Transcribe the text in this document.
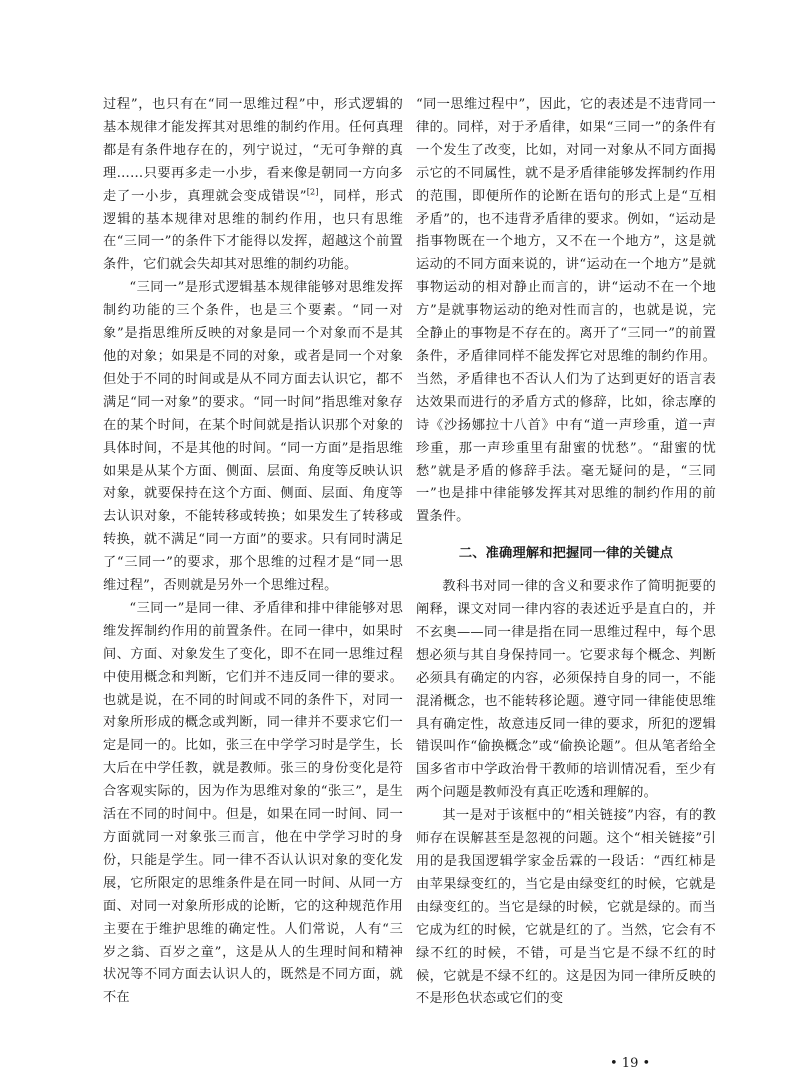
过程”，也只有在“同一思维过程”中，形式逻辑的基本规律才能发挥其对思维的制约作用。任何真理都是有条件地存在的，列宁说过，“无可争辩的真理……只要再多走一小步，看来像是朝同一方向多走了一小步，真理就会变成错误”[2]，同样，形式逻辑的基本规律对思维的制约作用，也只有思维在“三同一”的条件下才能得以发挥，超越这个前置条件，它们就会失却其对思维的制约功能。

“三同一”是形式逻辑基本规律能够对思维发挥制约功能的三个条件，也是三个要素。“同一对象”是指思维所反映的对象是同一个对象而不是其他的对象；如果是不同的对象，或者是同一个对象但处于不同的时间或是从不同方面去认识它，都不满足“同一对象”的要求。“同一时间”指思维对象存在的某个时间，在某个时间就是指认识那个对象的具体时间，不是其他的时间。“同一方面”是指思维如果是从某个方面、侧面、层面、角度等反映认识对象，就要保持在这个方面、侧面、层面、角度等去认识对象，不能转移或转换；如果发生了转移或转换，就不满足“同一方面”的要求。只有同时满足了“三同一”的要求，那个思维的过程才是“同一思维过程”，否则就是另外一个思维过程。

“三同一”是同一律、矛盾律和排中律能够对思维发挥制约作用的前置条件。在同一律中，如果时间、方面、对象发生了变化，即不在同一思维过程中使用概念和判断，它们并不违反同一律的要求。也就是说，在不同的时间或不同的条件下，对同一对象所形成的概念或判断，同一律并不要求它们一定是同一的。比如，张三在中学学习时是学生，长大后在中学任教，就是教师。张三的身份变化是符合客观实际的，因为作为思维对象的“张三”，是生活在不同的时间中。但是，如果在同一时间、同一方面就同一对象张三而言，他在中学学习时的身份，只能是学生。同一律不否认认识对象的变化发展，它所限定的思维条件是在同一时间、从同一方面、对同一对象所形成的论断，它的这种规范作用主要在于维护思维的确定性。人们常说，人有“三岁之翁、百岁之童”，这是从人的生理时间和精神状况等不同方面去认识人的，既然是不同方面，就不在

“同一思维过程中”，因此，它的表述是不违背同一律的。同样，对于矛盾律，如果“三同一”的条件有一个发生了改变，比如，对同一对象从不同方面揭示它的不同属性，就不是矛盾律能够发挥制约作用的范围，即便所作的论断在语句的形式上是“互相矛盾”的，也不违背矛盾律的要求。例如，“运动是指事物既在一个地方，又不在一个地方”，这是就运动的不同方面来说的，讲“运动在一个地方”是就事物运动的相对静止而言的，讲“运动不在一个地方”是就事物运动的绝对性而言的，也就是说，完全静止的事物是不存在的。离开了“三同一”的前置条件，矛盾律同样不能发挥它对思维的制约作用。当然，矛盾律也不否认人们为了达到更好的语言表达效果而进行的矛盾方式的修辞，比如，徐志摩的诗《沙扬娜拉十八首》中有“道一声珍重，道一声珍重，那一声珍重里有甜蜜的忧愁”。“甜蜜的忧愁”就是矛盾的修辞手法。毫无疑问的是，“三同一”也是排中律能够发挥其对思维的制约作用的前置条件。

二、准确理解和把握同一律的关键点

教科书对同一律的含义和要求作了简明扼要的阐释，课文对同一律内容的表述近乎是直白的，并不玄奥——同一律是指在同一思维过程中，每个思想必须与其自身保持同一。它要求每个概念、判断必须具有确定的内容，必须保持自身的同一，不能混淆概念，也不能转移论题。遵守同一律能使思维具有确定性，故意违反同一律的要求，所犯的逻辑错误叫作“偷换概念”或“偷换论题”。但从笔者给全国多省市中学政治骨干教师的培训情况看，至少有两个问题是教师没有真正吃透和理解的。

其一是对于该框中的“相关链接”内容，有的教师存在误解甚至是忽视的问题。这个“相关链接”引用的是我国逻辑学家金岳霖的一段话：“西红柿是由苹果绿变红的，当它是由绿变红的时候，它就是由绿变红的。当它是绿的时候，它就是绿的。而当它成为红的时候，它就是红的了。当然，它会有不绿不红的时候，不错，可是当它是不绿不红的时候，它就是不绿不红的。这是因为同一律所反映的不是形色状态或它们的变

• 19 •
